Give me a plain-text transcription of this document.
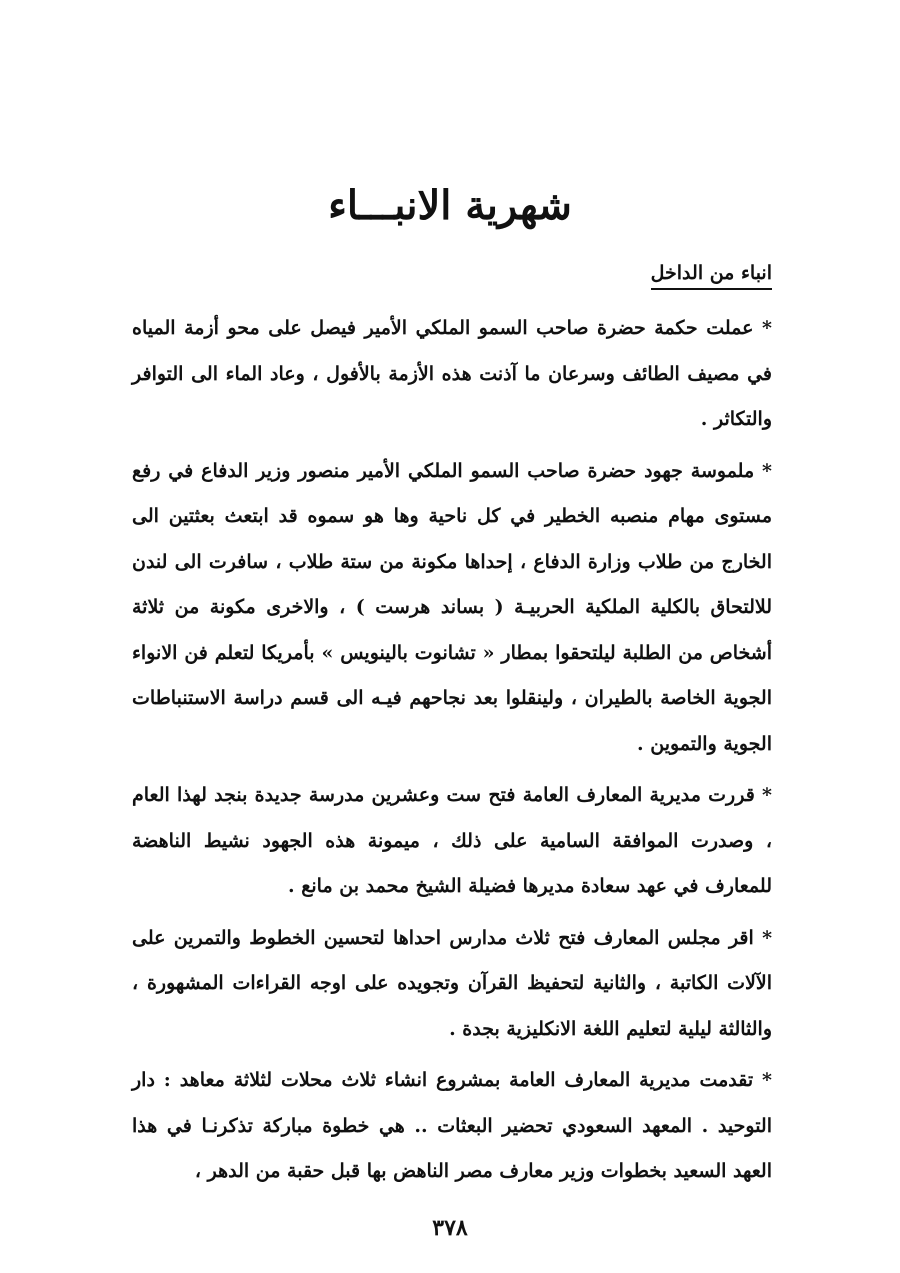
شهرية الانبـــاء
انباء من الداخل

* عملت حكمة حضرة صاحب السمو الملكي الأمير فيصل على محو أزمة المياه في مصيف الطائف وسرعان ما آذنت هذه الأزمة بالأفول ، وعاد الماء الى التوافر والتكاثر .

* ملموسة جهود حضرة صاحب السمو الملكي الأمير منصور وزير الدفاع في رفع مستوى مهام منصبه الخطير في كل ناحية وها هو سموه قد ابتعث بعثتين الى الخارج من طلاب وزارة الدفاع ، إحداها مكونة من ستة طلاب ، سافرت الى لندن للالتحاق بالكلية الملكية الحربيـة ( بساند هرست ) ، والاخرى مكونة من ثلاثة أشخاص من الطلبة ليلتحقوا بمطار « تشانوت بالينويس » بأمريكا لتعلم فن الانواء الجوية الخاصة بالطيران ، ولينقلوا بعد نجاحهم فيـه الى قسم دراسة الاستنباطات الجوية والتموين .

* قررت مديرية المعارف العامة فتح ست وعشرين مدرسة جديدة بنجد لهذا العام ، وصدرت الموافقة السامية على ذلك ، ميمونة هذه الجهود نشيط الناهضة للمعارف في عهد سعادة مديرها فضيلة الشيخ محمد بن مانع .

* اقر مجلس المعارف فتح ثلاث مدارس احداها لتحسين الخطوط والتمرين على الآلات الكاتبة ، والثانية لتحفيظ القرآن وتجويده على اوجه القراءات المشهورة ، والثالثة ليلية لتعليم اللغة الانكليزية بجدة .

* تقدمت مديرية المعارف العامة بمشروع انشاء ثلاث محلات لثلاثة معاهد : دار التوحيد . المعهد السعودي تحضير البعثات .. هي خطوة مباركة تذكرنـا في هذا العهد السعيد بخطوات وزير معارف مصر الناهض بها قبل حقبة من الدهر ،

٣٧٨
